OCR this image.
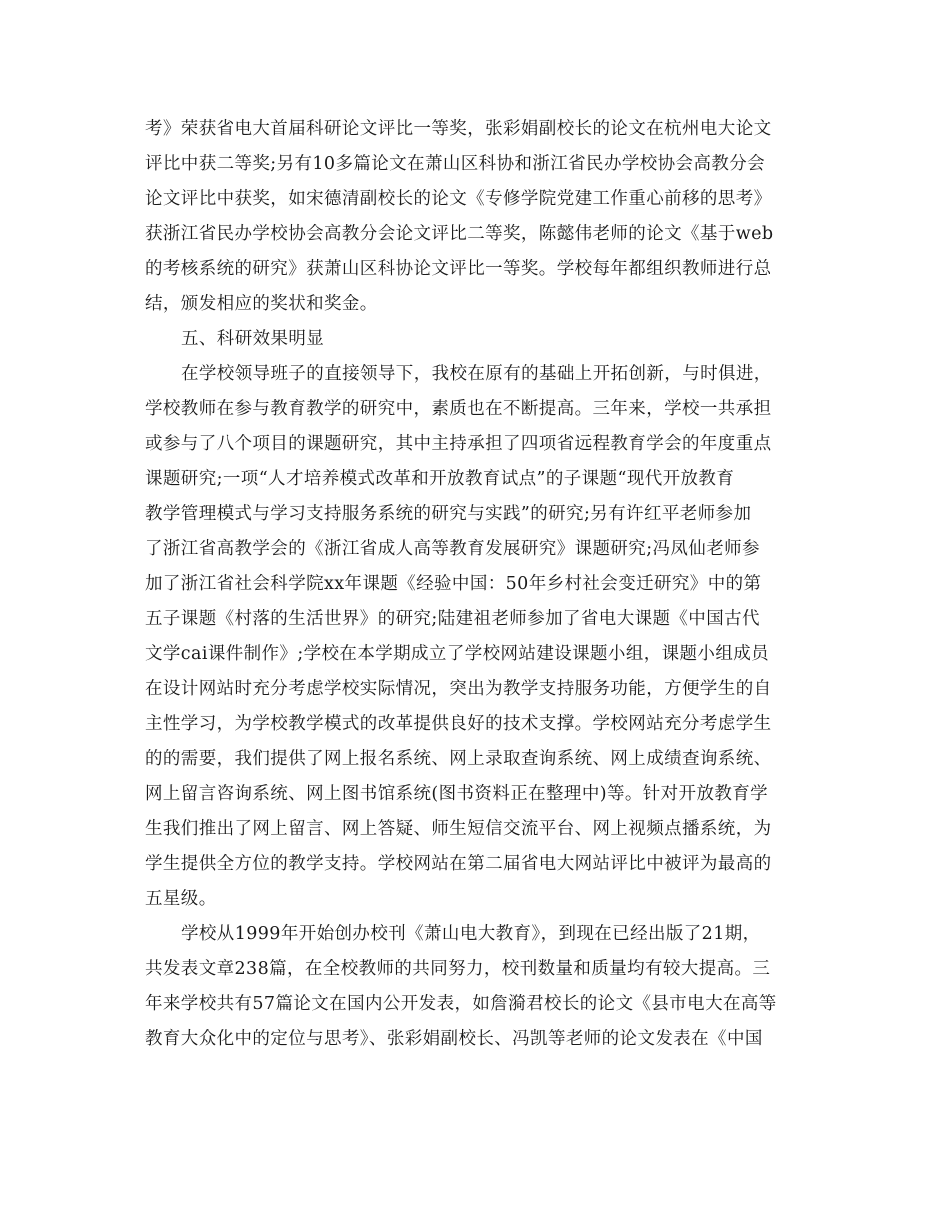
考》荣获省电大首届科研论文评比一等奖，张彩娟副校长的论文在杭州电大论文
评比中获二等奖;另有10多篇论文在萧山区科协和浙江省民办学校协会高教分会
论文评比中获奖，如宋德清副校长的论文《专修学院党建工作重心前移的思考》
获浙江省民办学校协会高教分会论文评比二等奖，陈懿伟老师的论文《基于web
的考核系统的研究》获萧山区科协论文评比一等奖。学校每年都组织教师进行总
结，颁发相应的奖状和奖金。
五、科研效果明显
在学校领导班子的直接领导下，我校在原有的基础上开拓创新，与时俱进，
学校教师在参与教育教学的研究中，素质也在不断提高。三年来，学校一共承担
或参与了八个项目的课题研究，其中主持承担了四项省远程教育学会的年度重点
课题研究;一项“人才培养模式改革和开放教育试点”的子课题“现代开放教育
教学管理模式与学习支持服务系统的研究与实践”的研究;另有许红平老师参加
了浙江省高教学会的《浙江省成人高等教育发展研究》课题研究;冯凤仙老师参
加了浙江省社会科学院xx年课题《经验中国：50年乡村社会变迁研究》中的第
五子课题《村落的生活世界》的研究;陆建祖老师参加了省电大课题《中国古代
文学cai课件制作》;学校在本学期成立了学校网站建设课题小组，课题小组成员
在设计网站时充分考虑学校实际情况，突出为教学支持服务功能，方便学生的自
主性学习，为学校教学模式的改革提供良好的技术支撑。学校网站充分考虑学生
的的需要，我们提供了网上报名系统、网上录取查询系统、网上成绩查询系统、
网上留言咨询系统、网上图书馆系统(图书资料正在整理中)等。针对开放教育学
生我们推出了网上留言、网上答疑、师生短信交流平台、网上视频点播系统，为
学生提供全方位的教学支持。学校网站在第二届省电大网站评比中被评为最高的
五星级。
学校从1999年开始创办校刊《萧山电大教育》，到现在已经出版了21期，
共发表文章238篇，在全校教师的共同努力，校刊数量和质量均有较大提高。三
年来学校共有57篇论文在国内公开发表，如詹漪君校长的论文《县市电大在高等
教育大众化中的定位与思考》、张彩娟副校长、冯凯等老师的论文发表在《中国
